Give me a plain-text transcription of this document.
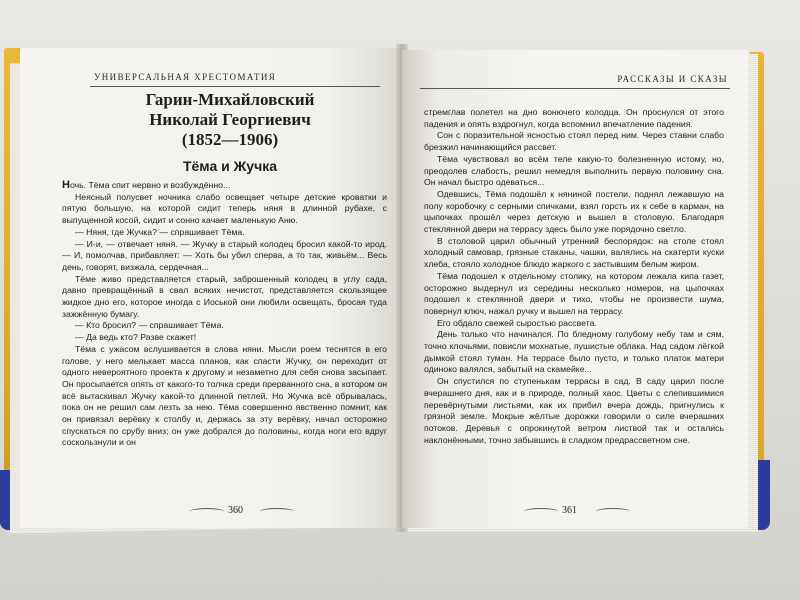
УНИВЕРСАЛЬНАЯ ХРЕСТОМАТИЯ
Гарин-Михайловский
Николай Георгиевич
(1852—1906)
Тёма и Жучка

Ночь. Тёма спит нервно и возбуждённо...

Неясный полусвет ночника слабо освещает четыре детские кроватки и пятую большую, на которой сидит теперь няня в длинной рубахе, с выпущенной косой, сидит и сонно качает маленькую Аню.

— Няня, где Жучка? — спрашивает Тёма.

— И-и, — отвечает няня. — Жучку в старый колодец бросил какой-то ирод. — И, помолчав, прибавляет: — Хоть бы убил сперва, а то так, живьём... Весь день, говорят, визжала, сердечная...

Тёме живо представляется старый, заброшенный колодец в углу сада, давно превращённый в свал всяких нечистот, представляется скользящее жидкое дно его, которое иногда с Иоськой они любили освещать, бросая туда зажжённую бумагу.

— Кто бросил? — спрашивает Тёма.

— Да ведь кто? Разве скажет!

Тёма с ужасом вслушивается в слова няни. Мысли роем теснятся в его голове, у него мелькает масса планов, как спасти Жучку, он переходит от одного невероятного проекта к другому и незаметно для себя снова засыпает. Он просыпается опять от какого-то толчка среди прерванного сна, в котором он всё вытаскивал Жучку какой-то длинной петлей. Но Жучка всё обрывалась, пока он не решил сам лезть за нею. Тёма совершенно явственно помнит, как он привязал верёвку к столбу и, держась за эту верёвку, начал осторожно спускаться по срубу вниз; он уже добрался до половины, когда ноги его вдруг соскользнули и он

360
РАССКАЗЫ И СКАЗЫ

стремглав полетел на дно вонючего колодца. Он проснулся от этого падения и опять вздрогнул, когда вспомнил впечатление падения.

Сон с поразительной ясностью стоял перед ним. Через ставни слабо брезжил начинающийся рассвет.

Тёма чувствовал во всём теле какую-то болезненную истому, но, преодолев слабость, решил немедля выполнить первую половину сна. Он начал быстро одеваться...

Одевшись, Тёма подошёл к няниной постели, поднял лежавшую на полу коробочку с серными спичками, взял горсть их к себе в карман, на цыпочках прошёл через детскую и вышел в столовую. Благодаря стеклянной двери на террасу здесь было уже порядочно светло.

В столовой царил обычный утренний беспорядок: на столе стоял холодный самовар, грязные стаканы, чашки, валялись на скатерти куски хлеба, стояло холодное блюдо жаркого с застывшим белым жиром.

Тёма подошел к отдельному столику, на котором лежала кипа газет, осторожно выдернул из середины несколько номеров, на цыпочках подошел к стеклянной двери и тихо, чтобы не произвести шума, повернул ключ, нажал ручку и вышел на террасу.

Его обдало свежей сыростью рассвета.

День только что начинался. По бледному голубому небу там и сям, точно клочьями, повисли мохнатые, пушистые облака. Над садом лёгкой дымкой стоял туман. На террасе было пусто, и только платок матери одиноко валялся, забытый на скамейке...

Он спустился по ступенькам террасы в сад. В саду царил после вчерашнего дня, как и в природе, полный хаос. Цветы с слепившимися перевёрнутыми листьями, как их прибил вчера дождь, пригнулись к грязной земле. Мокрые жёлтые дорожки говорили о силе вчерашних потоков. Деревья с опрокинутой ветром листвой так и остались наклонёнными, точно забывшись в сладком предрассветном сне.

361
